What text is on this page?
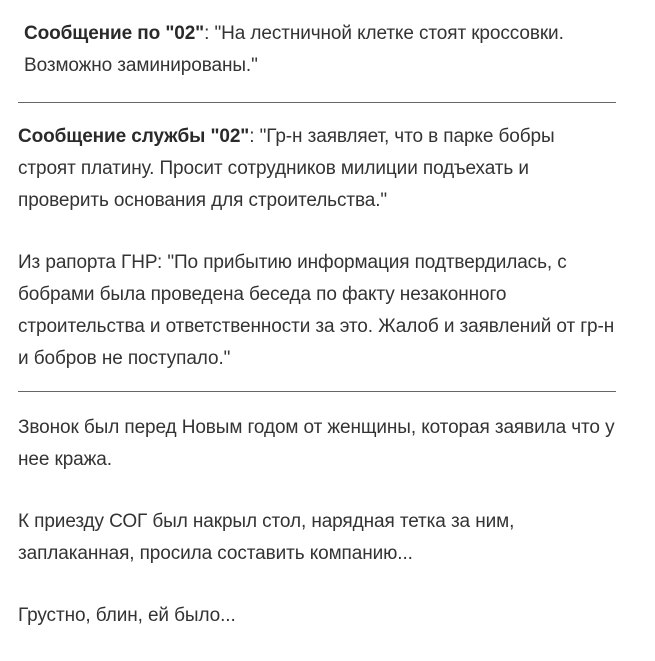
Сообщение по "02": "На лестничной клетке стоят кроссовки. Возможно заминированы."

Сообщение службы "02": "Гр-н заявляет, что в парке бобры строят платину. Просит сотрудников милиции подъехать и проверить основания для строительства."

Из рапорта ГНР: "По прибытию информация подтвердилась, с бобрами была проведена беседа по факту незаконного строительства и ответственности за это. Жалоб и заявлений от гр-н и бобров не поступало."

Звонок был перед Новым годом от женщины, которая заявила что у нее кража.

К приезду СОГ был накрыл стол, нарядная тетка за ним, заплаканная, просила составить компанию...

Грустно, блин, ей было...
